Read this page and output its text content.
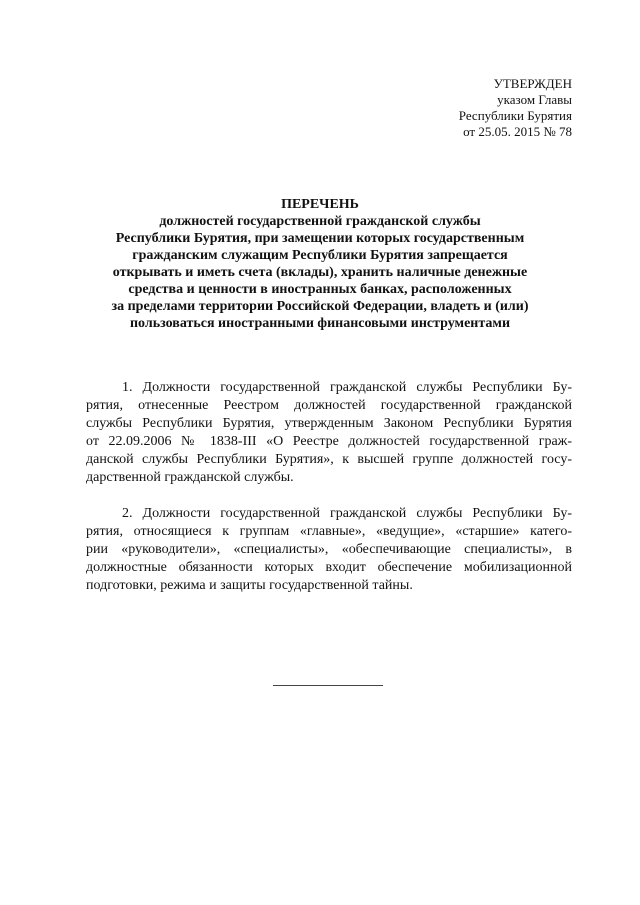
УТВЕРЖДЕН
указом Главы
Республики Бурятия
от 25.05. 2015 № 78
ПЕРЕЧЕНЬ
должностей государственной гражданской службы
Республики Бурятия, при замещении которых государственным
гражданским служащим Республики Бурятия запрещается
открывать и иметь счета (вклады), хранить наличные денежные
средства и ценности в иностранных банках, расположенных
за пределами территории Российской Федерации, владеть и (или)
пользоваться иностранными финансовыми инструментами
1. Должности государственной гражданской службы Республики Бу-
рятия, отнесенные Реестром должностей государственной гражданской
службы Республики Бурятия, утвержденным Законом Республики Бурятия
от 22.09.2006 № 1838-III «О Реестре должностей государственной граж-
данской службы Республики Бурятия», к высшей группе должностей госу-
дарственной гражданской службы.
2. Должности государственной гражданской службы Республики Бу-
рятия, относящиеся к группам «главные», «ведущие», «старшие» катего-
рии «руководители», «специалисты», «обеспечивающие специалисты», в
должностные обязанности которых входит обеспечение мобилизационной
подготовки, режима и защиты государственной тайны.
